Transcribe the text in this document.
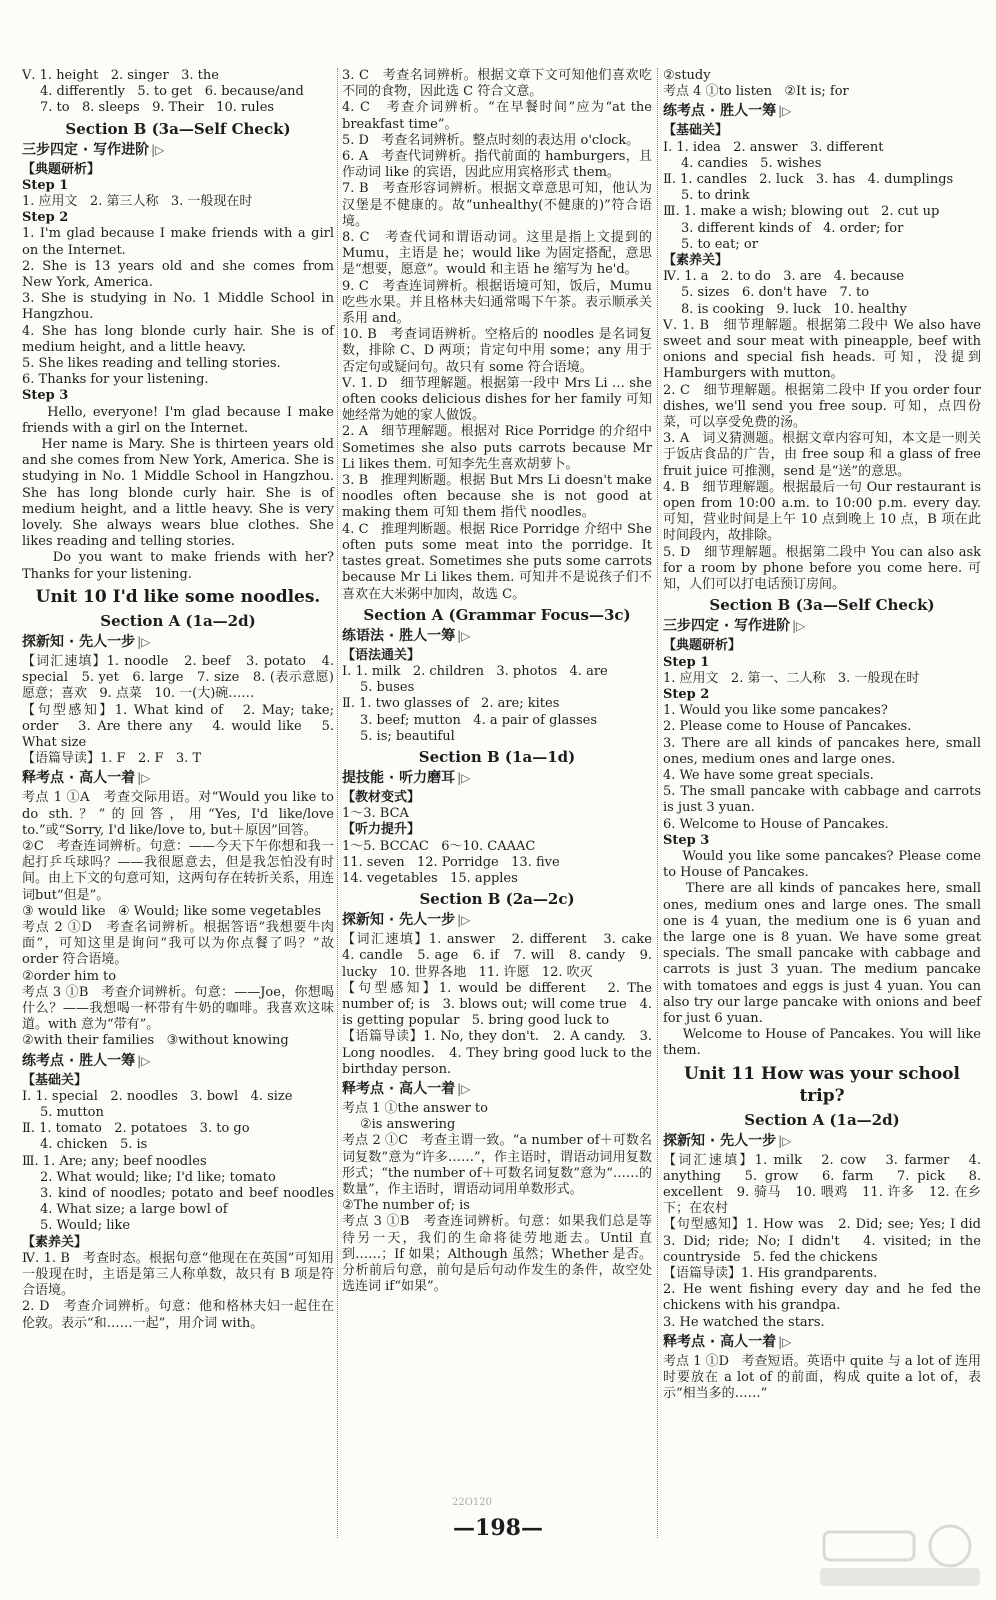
Ⅴ. 1. height   2. singer   3. the
4. differently   5. to get   6. because/and
7. to   8. sleeps   9. Their   10. rules
Section B (3a—Self Check)
三步四定 · 写作进阶 |▷
【典题研析】
Step 1
1. 应用文   2. 第三人称   3. 一般现在时
Step 2
1. I'm glad because I make friends with a girl on the Internet.
2. She is 13 years old and she comes from New York, America.
3. She is studying in No. 1 Middle School in Hangzhou.
4. She has long blonde curly hair. She is of medium height, and a little heavy.
5. She likes reading and telling stories.
6. Thanks for your listening.
Step 3
Hello, everyone! I'm glad because I make friends with a girl on the Internet.
Her name is Mary. She is thirteen years old and she comes from New York, America. She is studying in No. 1 Middle School in Hangzhou. She has long blonde curly hair. She is of medium height, and a little heavy. She is very lovely. She always wears blue clothes. She likes reading and telling stories.
Do you want to make friends with her? Thanks for your listening.
Unit 10 I'd like some noodles.
Section A (1a—2d)
探新知 · 先人一步 |▷
【词汇速填】1. noodle   2. beef   3. potato   4. special   5. yet   6. large   7. size   8. (表示意愿)愿意；喜欢   9. 点菜   10. 一(大)碗……
【句型感知】1. What kind of   2. May; take; order   3. Are there any   4. would like   5. What size
【语篇导读】1. F   2. F   3. T
释考点 · 高人一着 |▷
考点 1 ①A   考查交际用语。对“Would you like to do sth.？”的回答，用“Yes, I'd like/love to.”或“Sorry, I'd like/love to, but＋原因”回答。
②C   考查连词辨析。句意：——今天下午你想和我一起打乒乓球吗？——我很愿意去，但是我怎怕没有时间。由上下文的句意可知，这两句存在转折关系，用连词but“但是”。
③ would like   ④ Would; like some vegetables
考点 2 ①D   考查名词辨析。根据答语“我想要牛肉面”，可知这里是询问“我可以为你点餐了吗？”故 order 符合语境。
②order him to
考点 3 ①B   考查介词辨析。句意：——Joe，你想喝什么？——我想喝一杯带有牛奶的咖啡。我喜欢这味道。with 意为“带有”。
②with their families   ③without knowing
练考点 · 胜人一筹 |▷
【基础关】
Ⅰ. 1. special   2. noodles   3. bowl   4. size
5. mutton
Ⅱ. 1. tomato   2. potatoes   3. to go
4. chicken   5. is
Ⅲ. 1. Are; any; beef noodles
2. What would; like; I'd like; tomato
3. kind of noodles; potato and beef noodles   4. What size; a large bowl of
5. Would; like
【素养关】
Ⅳ. 1. B   考查时态。根据句意“他现在在英国”可知用一般现在时，主语是第三人称单数，故只有 B 项是符合语境。
2. D   考查介词辨析。句意：他和格林夫妇一起住在伦敦。表示“和……一起”，用介词 with。
3. C   考查名词辨析。根据文章下文可知他们喜欢吃不同的食物，因此选 C 符合文意。
4. C   考查介词辨析。“在早餐时间”应为“at the breakfast time”。
5. D   考查名词辨析。整点时刻的表达用 o'clock。
6. A   考查代词辨析。指代前面的 hamburgers，且作动词 like 的宾语，因此应用宾格形式 them。
7. B   考查形容词辨析。根据文章意思可知，他认为汉堡是不健康的。故“unhealthy(不健康的)”符合语境。
8. C   考查代词和谓语动词。这里是指上文提到的 Mumu，主语是 he；would like 为固定搭配，意思是“想要，愿意”。would 和主语 he 缩写为 he'd。
9. C   考查连词辨析。根据语境可知，饭后，Mumu 吃些水果。并且格林夫妇通常喝下午茶。表示顺承关系用 and。
10. B   考查词语辨析。空格后的 noodles 是名词复数，排除 C、D 两项；肯定句中用 some；any 用于否定句或疑问句。故只有 some 符合语境。
Ⅴ. 1. D   细节理解题。根据第一段中 Mrs Li … she often cooks delicious dishes for her family 可知她经常为她的家人做饭。
2. A   细节理解题。根据对 Rice Porridge 的介绍中 Sometimes she also puts carrots because Mr Li likes them. 可知李先生喜欢胡萝卜。
3. B   推理判断题。根据 But Mrs Li doesn't make noodles often because she is not good at making them 可知 them 指代 noodles。
4. C   推理判断题。根据 Rice Porridge 介绍中 She often puts some meat into the porridge. It tastes great. Sometimes she puts some carrots because Mr Li likes them. 可知并不是说孩子们不喜欢在大米粥中加肉，故选 C。
Section A (Grammar Focus—3c)
练语法 · 胜人一筹 |▷
【语法通关】
Ⅰ. 1. milk   2. children   3. photos   4. are
5. buses
Ⅱ. 1. two glasses of   2. are; kites
3. beef; mutton   4. a pair of glasses
5. is; beautiful
Section B (1a—1d)
提技能 · 听力磨耳 |▷
【教材变式】
1～3. BCA
【听力提升】
1～5. BCCAC   6～10. CAAAC
11. seven   12. Porridge   13. five
14. vegetables   15. apples
Section B (2a—2c)
探新知 · 先人一步 |▷
【词汇速填】1. answer   2. different   3. cake   4. candle   5. age   6. if   7. will   8. candy   9. lucky   10. 世界各地   11. 许愿   12. 吹灭
【句型感知】1. would be different   2. The number of; is   3. blows out; will come true   4. is getting popular   5. bring good luck to
【语篇导读】1. No, they don't.   2. A candy.   3. Long noodles.   4. They bring good luck to the birthday person.
释考点 · 高人一着 |▷
考点 1 ①the answer to
②is answering
考点 2 ①C   考查主谓一致。“a number of＋可数名词复数”意为“许多……”，作主语时，谓语动词用复数形式；“the number of＋可数名词复数”意为“……的数量”，作主语时，谓语动词用单数形式。
②The number of; is
考点 3 ①B   考查连词辨析。句意：如果我们总是等待另一天，我们的生命将徒劳地逝去。Until 直到……；If 如果；Although 虽然；Whether 是否。分析前后句意，前句是后句动作发生的条件，故空处选连词 if“如果”。
②study
考点 4 ①to listen   ②It is; for
练考点 · 胜人一筹 |▷
【基础关】
Ⅰ. 1. idea   2. answer   3. different
4. candies   5. wishes
Ⅱ. 1. candles   2. luck   3. has   4. dumplings
5. to drink
Ⅲ. 1. make a wish; blowing out   2. cut up
3. different kinds of   4. order; for
5. to eat; or
【素养关】
Ⅳ. 1. a   2. to do   3. are   4. because
5. sizes   6. don't have   7. to
8. is cooking   9. luck   10. healthy
Ⅴ. 1. B   细节理解题。根据第二段中 We also have sweet and sour meat with pineapple, beef with onions and special fish heads. 可知，没提到 Hamburgers with mutton。
2. C   细节理解题。根据第二段中 If you order four dishes, we'll send you free soup. 可知，点四份菜，可以享受免费的汤。
3. A   词义猜测题。根据文章内容可知，本文是一则关于饭店食品的广告，由 free soup 和 a glass of free fruit juice 可推测，send 是“送”的意思。
4. B   细节理解题。根据最后一句 Our restaurant is open from 10:00 a.m. to 10:00 p.m. every day. 可知，营业时间是上午 10 点到晚上 10 点，B 项在此时间段内，故排除。
5. D   细节理解题。根据第二段中 You can also ask for a room by phone before you come here. 可知，人们可以打电话预订房间。
Section B (3a—Self Check)
三步四定 · 写作进阶 |▷
【典题研析】
Step 1
1. 应用文   2. 第一、二人称   3. 一般现在时
Step 2
1. Would you like some pancakes?
2. Please come to House of Pancakes.
3. There are all kinds of pancakes here, small ones, medium ones and large ones.
4. We have some great specials.
5. The small pancake with cabbage and carrots is just 3 yuan.
6. Welcome to House of Pancakes.
Step 3
Would you like some pancakes? Please come to House of Pancakes.
There are all kinds of pancakes here, small ones, medium ones and large ones. The small one is 4 yuan, the medium one is 6 yuan and the large one is 8 yuan. We have some great specials. The small pancake with cabbage and carrots is just 3 yuan. The medium pancake with tomatoes and eggs is just 4 yuan. You can also try our large pancake with onions and beef for just 6 yuan.
Welcome to House of Pancakes. You will like them.
Unit 11 How was your school trip?
Section A (1a—2d)
探新知 · 先人一步 |▷
【词汇速填】1. milk   2. cow   3. farmer   4. anything   5. grow   6. farm   7. pick   8. excellent   9. 骑马   10. 喂鸡   11. 许多   12. 在乡下；在农村
【句型感知】1. How was   2. Did; see; Yes; I did   3. Did; ride; No; I didn't   4. visited; in the countryside   5. fed the chickens
【语篇导读】1. His grandparents.
2. He went fishing every day and he fed the chickens with his grandpa.
3. He watched the stars.
释考点 · 高人一着 |▷
考点 1 ①D   考查短语。英语中 quite 与 a lot of 连用时要放在 a lot of 的前面，构成 quite a lot of，表示“相当多的……”
22O120
—198—
